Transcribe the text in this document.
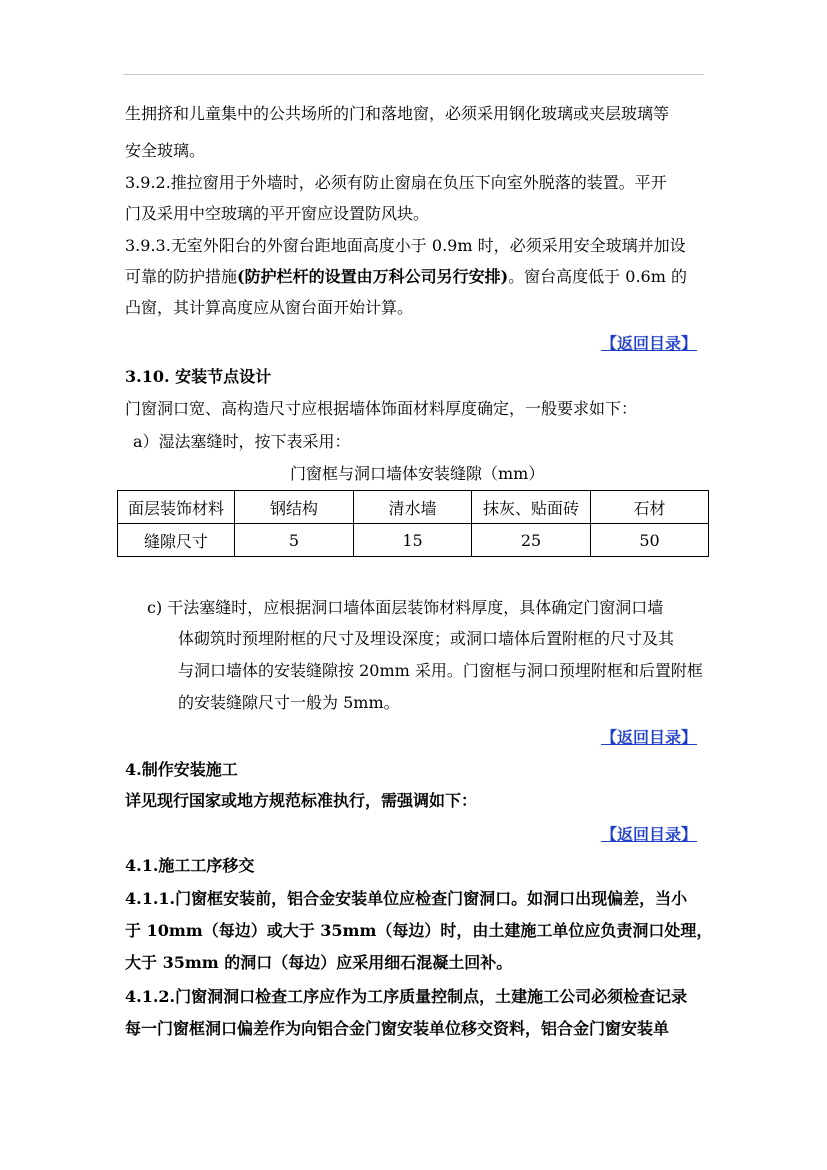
生拥挤和儿童集中的公共场所的门和落地窗，必须采用钢化玻璃或夹层玻璃等
安全玻璃。
3.9.2.推拉窗用于外墙时，必须有防止窗扇在负压下向室外脱落的装置。平开
门及采用中空玻璃的平开窗应设置防风块。
3.9.3.无室外阳台的外窗台距地面高度小于 0.9m 时，必须采用安全玻璃并加设
可靠的防护措施(防护栏杆的设置由万科公司另行安排)。窗台高度低于 0.6m 的
凸窗，其计算高度应从窗台面开始计算。
【返回目录】
3.10. 安装节点设计
门窗洞口宽、高构造尺寸应根据墙体饰面材料厚度确定，一般要求如下：
a）湿法塞缝时，按下表采用：
门窗框与洞口墙体安装缝隙（mm）
面层装饰材料	钢结构	清水墙	抹灰、贴面砖	石材
缝隙尺寸	5	15	25	50
c) 干法塞缝时，应根据洞口墙体面层装饰材料厚度，具体确定门窗洞口墙
体砌筑时预埋附框的尺寸及埋设深度；或洞口墙体后置附框的尺寸及其
与洞口墙体的安装缝隙按 20mm 采用。门窗框与洞口预埋附框和后置附框
的安装缝隙尺寸一般为 5mm。
【返回目录】
4.制作安装施工
详见现行国家或地方规范标准执行，需强调如下：
【返回目录】
4.1.施工工序移交
4.1.1.门窗框安装前，铝合金安装单位应检查门窗洞口。如洞口出现偏差，当小
于 10mm（每边）或大于 35mm（每边）时，由土建施工单位应负责洞口处理，
大于 35mm 的洞口（每边）应采用细石混凝土回补。
4.1.2.门窗洞洞口检查工序应作为工序质量控制点，土建施工公司必须检查记录
每一门窗框洞口偏差作为向铝合金门窗安装单位移交资料，铝合金门窗安装单
